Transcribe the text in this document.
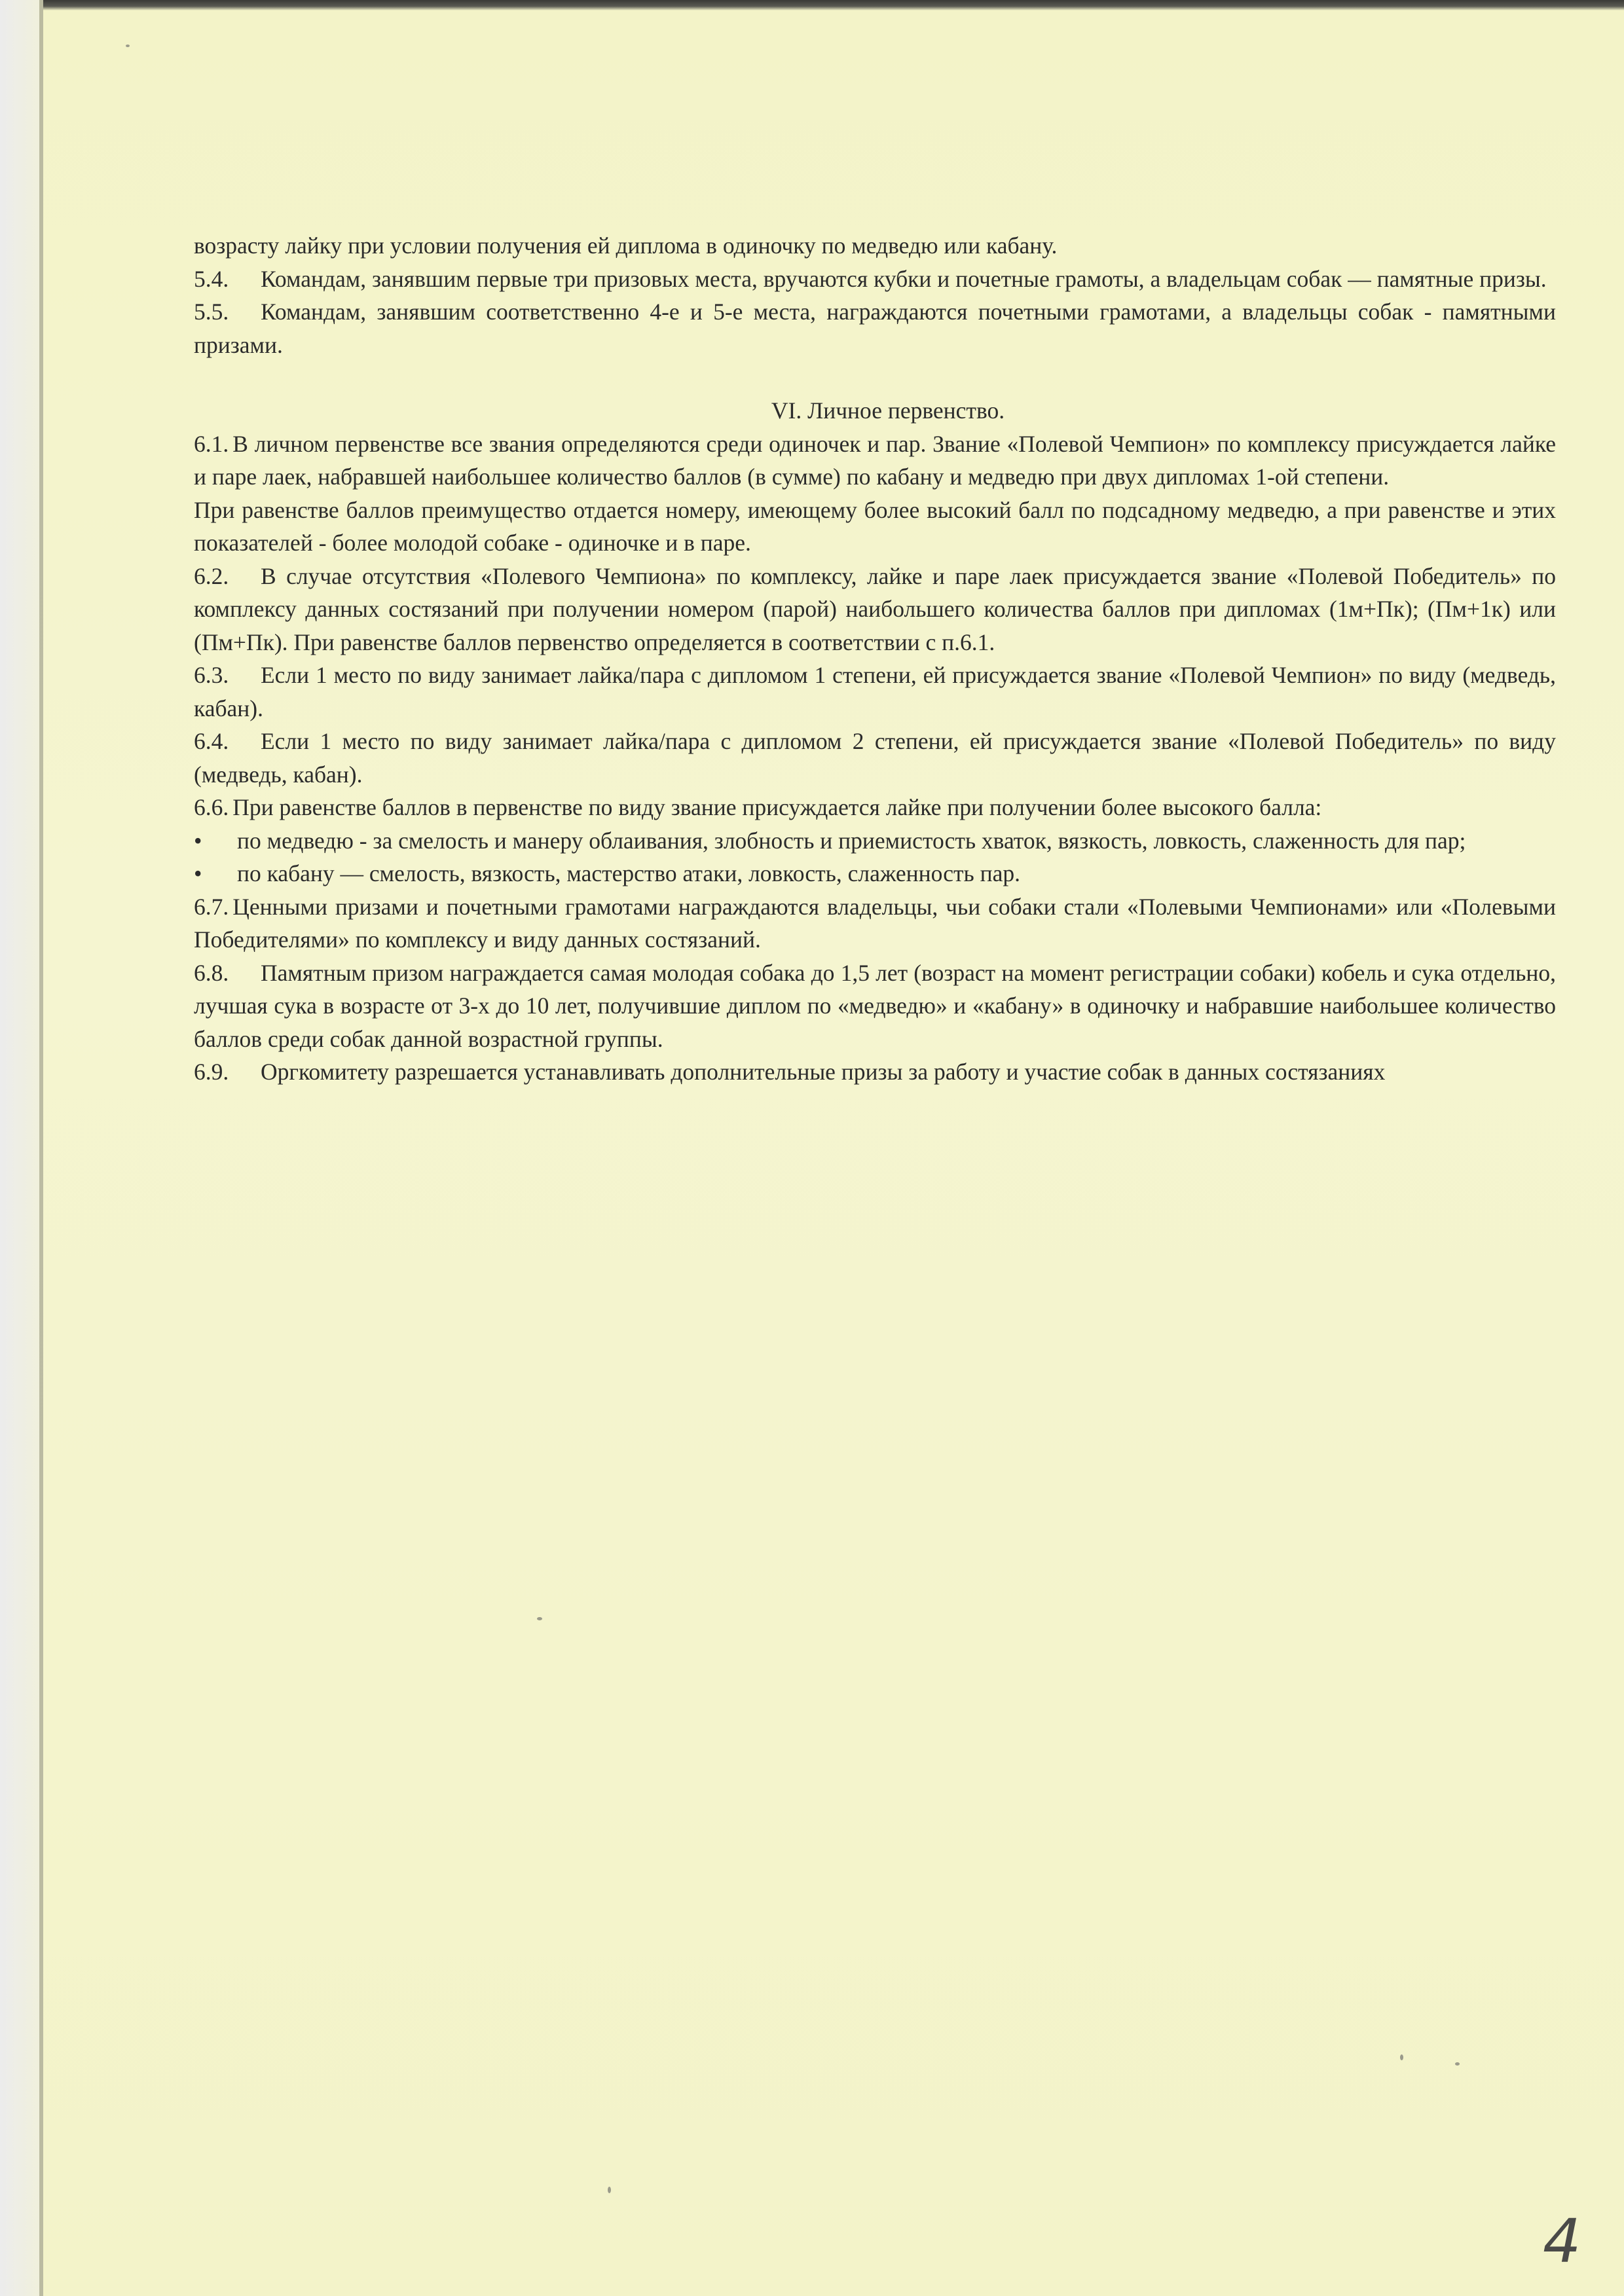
возрасту лайку при условии получения ей диплома в одиночку по медведю или кабану.

5.4. Командам, занявшим первые три призовых места, вручаются кубки и почетные грамоты, а владельцам собак — памятные призы.

5.5. Командам, занявшим соответственно 4-е и 5-е места, награждаются почетными грамотами, а владельцы собак - памятными призами.

VI. Личное первенство.

6.1. В личном первенстве все звания определяются среди одиночек и пар. Звание «Полевой Чемпион» по комплексу присуждается лайке и паре лаек, набравшей наибольшее количество баллов (в сумме) по кабану и медведю при двух дипломах 1-ой степени.

При равенстве баллов преимущество отдается номеру, имеющему более высокий балл по подсадному медведю, а при равенстве и этих показателей - более молодой собаке - одиночке и в паре.

6.2. В случае отсутствия «Полевого Чемпиона» по комплексу, лайке и паре лаек присуждается звание «Полевой Победитель» по комплексу данных состязаний при получении номером (парой) наибольшего количества баллов при дипломах (1м+Пк); (Пм+1к) или (Пм+Пк). При равенстве баллов первенство определяется в соответствии с п.6.1.

6.3. Если 1 место по виду занимает лайка/пара с дипломом 1 степени, ей присуждается звание «Полевой Чемпион» по виду (медведь, кабан).

6.4. Если 1 место по виду занимает лайка/пара с дипломом 2 степени, ей присуждается звание «Полевой Победитель» по виду (медведь, кабан).

6.6. При равенстве баллов в первенстве по виду звание присуждается лайке при получении более высокого балла:

•	по медведю - за смелость и манеру облаивания, злобность и приемистость хваток, вязкость, ловкость, слаженность для пар;
•	по кабану — смелость, вязкость, мастерство атаки, ловкость, слаженность пар.

6.7. Ценными призами и почетными грамотами награждаются владельцы, чьи собаки стали «Полевыми Чемпионами» или «Полевыми Победителями» по комплексу и виду данных состязаний.

6.8. Памятным призом награждается самая молодая собака до 1,5 лет (возраст на момент регистрации собаки) кобель и сука отдельно, лучшая сука в возрасте от 3-х до 10 лет, получившие диплом по «медведю» и «кабану» в одиночку и набравшие наибольшее количество баллов среди собак данной возрастной группы.

6.9. Оргкомитету разрешается устанавливать дополнительные призы за работу и участие собак в данных состязаниях

4
